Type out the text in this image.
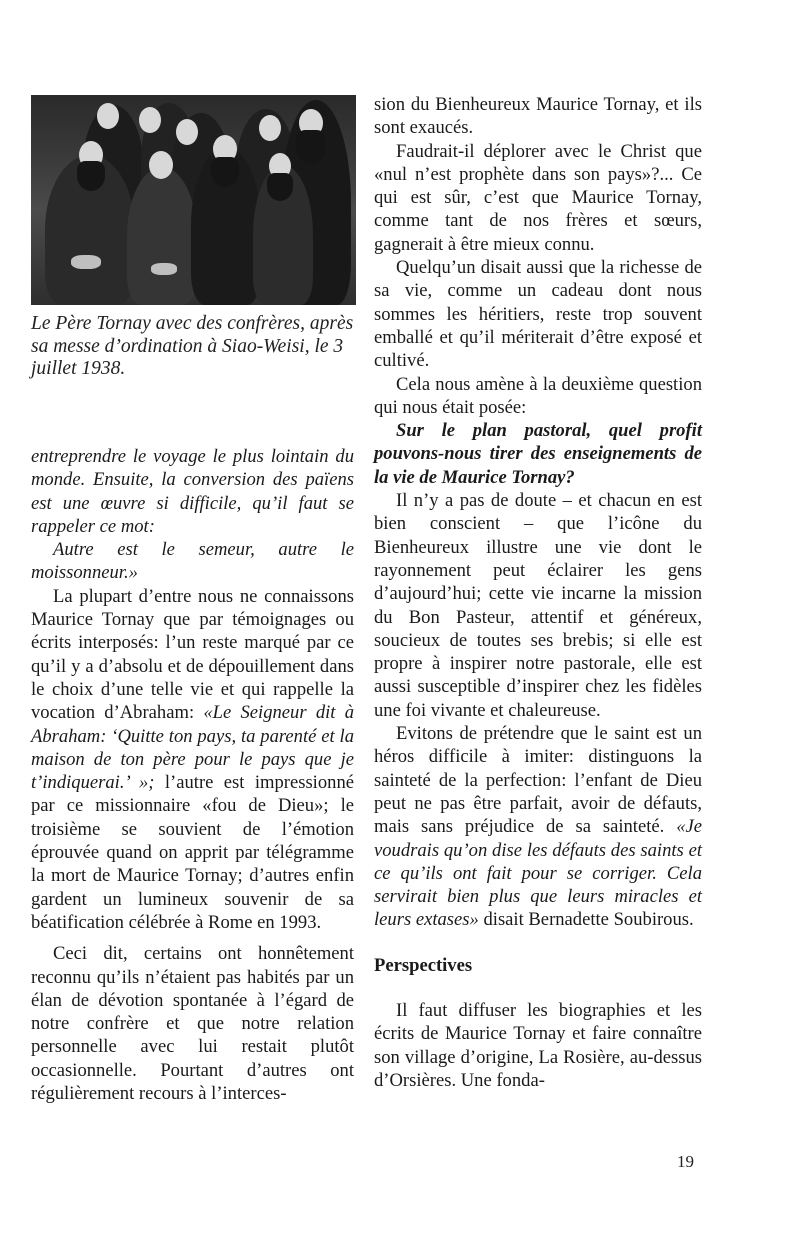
Le Père Tornay avec des confrères, après sa messe d’ordination à Siao-Weisi, le 3 juillet 1938.

entreprendre le voyage le plus lointain du monde. Ensuite, la conversion des païens est une œuvre si difficile, qu’il faut se rappeler ce mot:

Autre est le semeur, autre le moissonneur.»

La plupart d’entre nous ne connaissons Maurice Tornay que par témoignages ou écrits interposés: l’un reste marqué par ce qu’il y a d’absolu et de dépouillement dans le choix d’une telle vie et qui rappelle la vocation d’Abraham: «Le Seigneur dit à Abraham: ‘Quitte ton pays, ta parenté et la maison de ton père pour le pays que je t’indiquerai.’ »; l’autre est impressionné par ce missionnaire «fou de Dieu»; le troisième se souvient de l’émotion éprouvée quand on apprit par télégramme la mort de Maurice Tornay; d’autres enfin gardent un lumineux souvenir de sa béatification célébrée à Rome en 1993.

Ceci dit, certains ont honnêtement reconnu qu’ils n’étaient pas habités par un élan de dévotion spontanée à l’égard de notre confrère et que notre relation personnelle avec lui restait plutôt occasionnelle. Pourtant d’autres ont régulièrement recours à l’interces-

sion du Bienheureux Maurice Tornay, et ils sont exaucés.

Faudrait-il déplorer avec le Christ que «nul n’est prophète dans son pays»?... Ce qui est sûr, c’est que Maurice Tornay, comme tant de nos frères et sœurs, gagnerait à être mieux connu.

Quelqu’un disait aussi que la richesse de sa vie, comme un cadeau dont nous sommes les héritiers, reste trop souvent emballé et qu’il mériterait d’être exposé et cultivé.

Cela nous amène à la deuxième question qui nous était posée:

Sur le plan pastoral, quel profit pouvons-nous tirer des enseignements de la vie de Maurice Tornay?

Il n’y a pas de doute – et chacun en est bien conscient – que l’icône du Bienheureux illustre une vie dont le rayonnement peut éclairer les gens d’aujourd’hui; cette vie incarne la mission du Bon Pasteur, attentif et généreux, soucieux de toutes ses brebis; si elle est propre à inspirer notre pastorale, elle est aussi susceptible d’inspirer chez les fidèles une foi vivante et chaleureuse.

Evitons de prétendre que le saint est un héros difficile à imiter: distinguons la sainteté de la perfection: l’enfant de Dieu peut ne pas être parfait, avoir de défauts, mais sans préjudice de sa sainteté. «Je voudrais qu’on dise les défauts des saints et ce qu’ils ont fait pour se corriger. Cela servirait bien plus que leurs miracles et leurs extases» disait Bernadette Soubirous.

Perspectives

Il faut diffuser les biographies et les écrits de Maurice Tornay et faire connaître son village d’origine, La Rosière, au-dessus d’Orsières. Une fonda-

19
